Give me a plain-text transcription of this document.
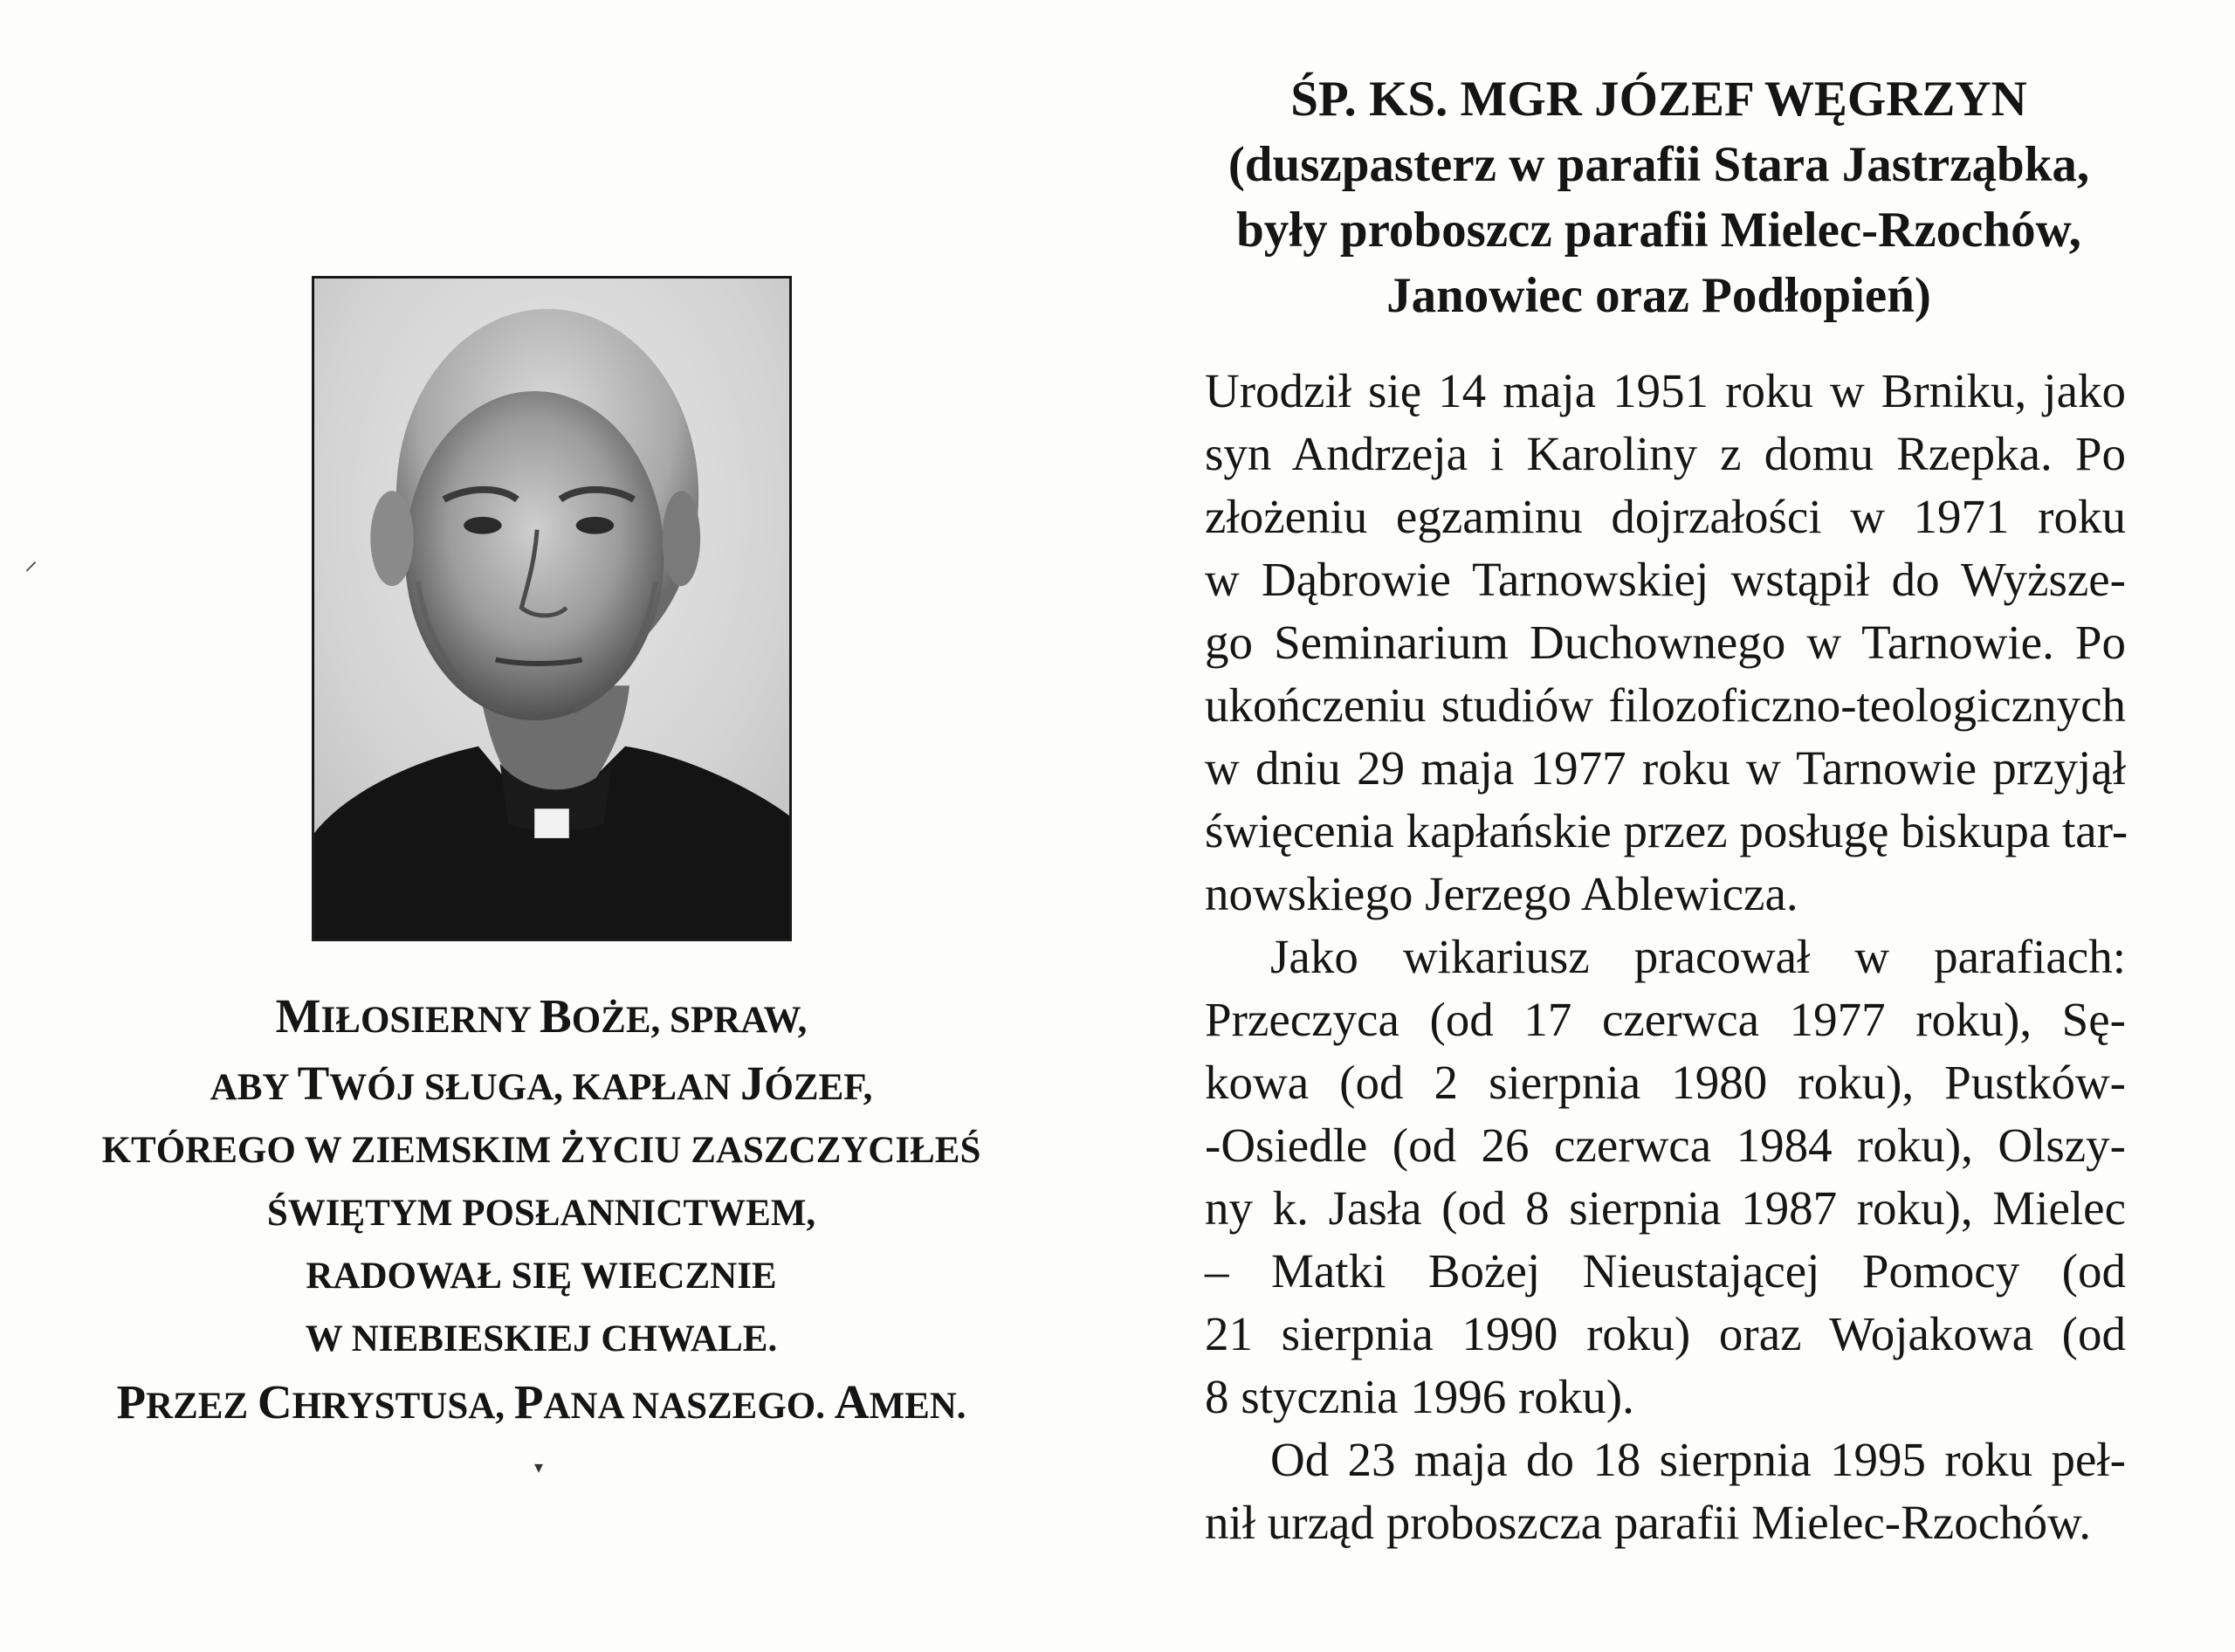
MIŁOSIERNY BOŻE, SPRAW,
ABY TWÓJ SŁUGA, KAPŁAN JÓZEF,
KTÓREGO W ZIEMSKIM ŻYCIU ZASZCZYCIŁEŚ
ŚWIĘTYM POSŁANNICTWEM,
RADOWAŁ SIĘ WIECZNIE
W NIEBIESKIEJ CHWALE.
PRZEZ CHRYSTUSA, PANA NASZEGO. AMEN.
ŚP. KS. MGR JÓZEF WĘGRZYN
(duszpasterz w parafii Stara Jastrząbka,
były proboszcz parafii Mielec-Rzochów,
Janowiec oraz Podłopień)
Urodził się 14 maja 1951 roku w Brniku, jako
syn Andrzeja i Karoliny z domu Rzepka. Po
złożeniu egzaminu dojrzałości w 1971 roku
w Dąbrowie Tarnowskiej wstąpił do Wyższe-
go Seminarium Duchownego w Tarnowie. Po
ukończeniu studiów filozoficzno-teologicznych
w dniu 29 maja 1977 roku w Tarnowie przyjął
święcenia kapłańskie przez posługę biskupa tar-
nowskiego Jerzego Ablewicza.
Jako wikariusz pracował w parafiach:
Przeczyca (od 17 czerwca 1977 roku), Sę-
kowa (od 2 sierpnia 1980 roku), Pustków-
-Osiedle (od 26 czerwca 1984 roku), Olszy-
ny k. Jasła (od 8 sierpnia 1987 roku), Mielec
– Matki Bożej Nieustającej Pomocy (od
21 sierpnia 1990 roku) oraz Wojakowa (od
8 stycznia 1996 roku).
Od 23 maja do 18 sierpnia 1995 roku peł-
nił urząd proboszcza parafii Mielec-Rzochów.
⸝
▾
